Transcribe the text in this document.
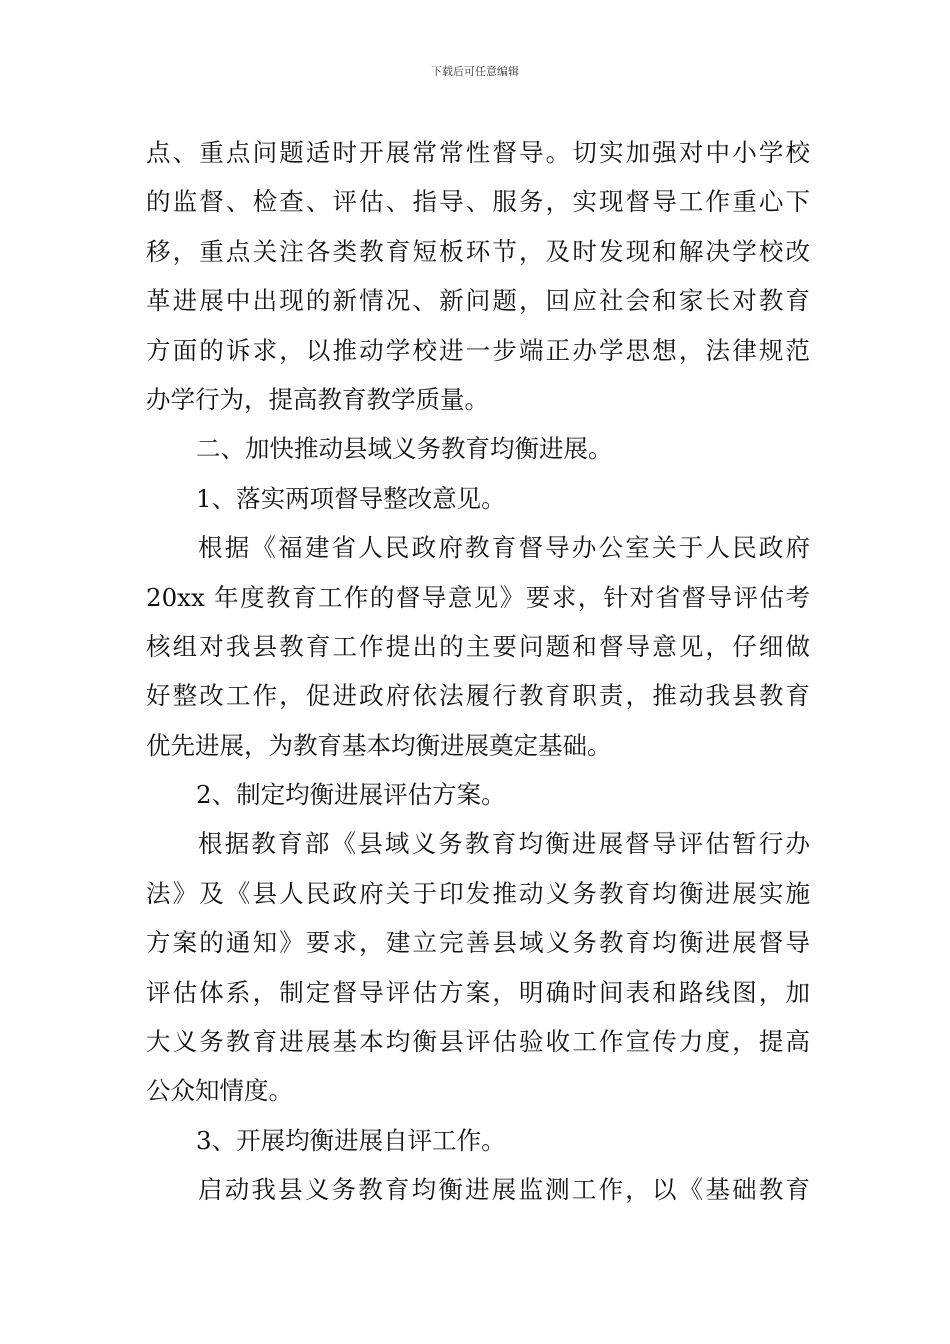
下载后可任意编辑
点、重点问题适时开展常常性督导。切实加强对中小学校
的监督、检查、评估、指导、服务，实现督导工作重心下
移，重点关注各类教育短板环节，及时发现和解决学校改
革进展中出现的新情况、新问题，回应社会和家长对教育
方面的诉求，以推动学校进一步端正办学思想，法律规范
办学行为，提高教育教学质量。
二、加快推动县域义务教育均衡进展。
1、落实两项督导整改意见。
根据《福建省人民政府教育督导办公室关于人民政府
20xx 年度教育工作的督导意见》要求，针对省督导评估考
核组对我县教育工作提出的主要问题和督导意见，仔细做
好整改工作，促进政府依法履行教育职责，推动我县教育
优先进展，为教育基本均衡进展奠定基础。
2、制定均衡进展评估方案。
根据教育部《县域义务教育均衡进展督导评估暂行办
法》及《县人民政府关于印发推动义务教育均衡进展实施
方案的通知》要求，建立完善县域义务教育均衡进展督导
评估体系，制定督导评估方案，明确时间表和路线图，加
大义务教育进展基本均衡县评估验收工作宣传力度，提高
公众知情度。
3、开展均衡进展自评工作。
启动我县义务教育均衡进展监测工作，以《基础教育
